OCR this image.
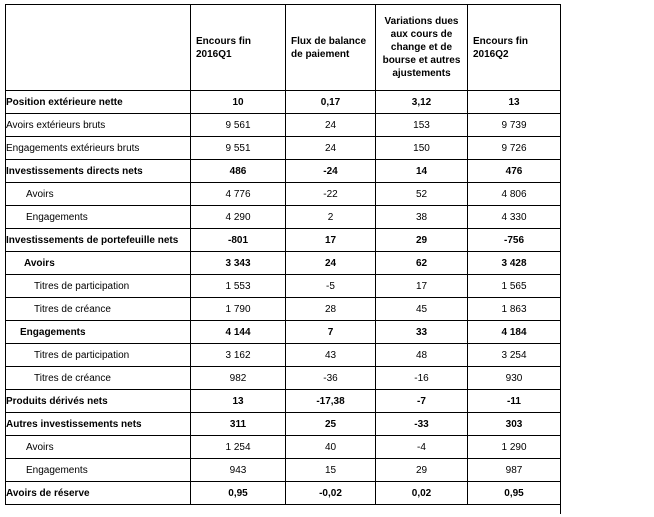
	Encours fin 2016Q1	Flux de balance de paiement	Variations dues aux cours de change et de bourse et autres ajustements	Encours fin 2016Q2
Position extérieure nette	10	0,17	3,12	13
Avoirs extérieurs bruts	9 561	24	153	9 739
Engagements extérieurs bruts	9 551	24	150	9 726
Investissements directs nets	486	-24	14	476
Avoirs	4 776	-22	52	4 806
Engagements	4 290	2	38	4 330
Investissements de portefeuille nets	-801	17	29	-756
Avoirs	3 343	24	62	3 428
Titres de participation	1 553	-5	17	1 565
Titres de créance	1 790	28	45	1 863
Engagements	4 144	7	33	4 184
Titres de participation	3 162	43	48	3 254
Titres de créance	982	-36	-16	930
Produits dérivés nets	13	-17,38	-7	-11
Autres investissements nets	311	25	-33	303
Avoirs	1 254	40	-4	1 290
Engagements	943	15	29	987
Avoirs de réserve	0,95	-0,02	0,02	0,95
